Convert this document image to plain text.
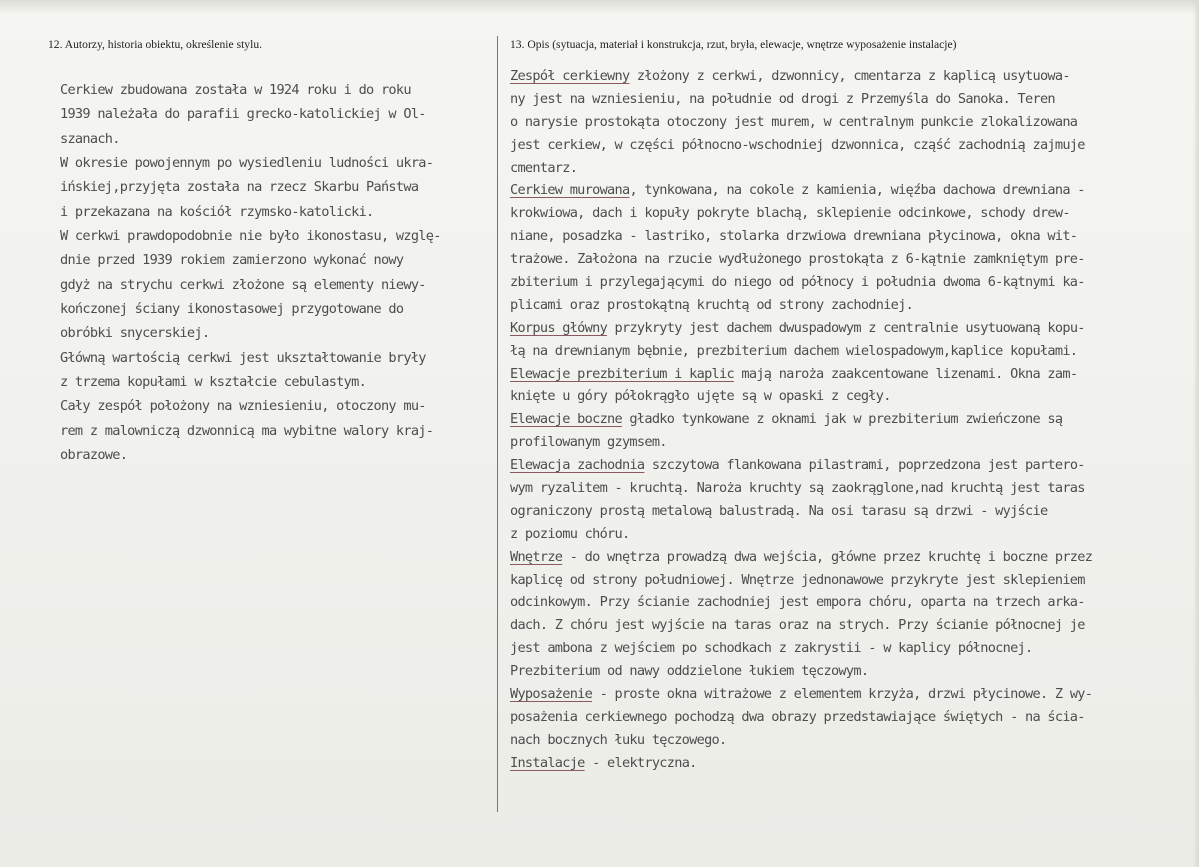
12. Autorzy, historia obiektu, określenie stylu.	13. Opis (sytuacja, materiał i konstrukcja, rzut, bryła, elewacje, wnętrze wyposażenie instalacje)
Cerkiew zbudowana została w 1924 roku i do roku
1939 należała do parafii grecko-katolickiej w Ol-
szanach.
W okresie powojennym po wysiedleniu ludności ukra-
ińskiej,przyjęta została na rzecz Skarbu Państwa
i przekazana na kościół rzymsko-katolicki.
W cerkwi prawdopodobnie nie było ikonostasu, wzglę-
dnie przed 1939 rokiem zamierzono wykonać nowy
gdyż na strychu cerkwi złożone są elementy niewy-
kończonej ściany ikonostasowej przygotowane do
obróbki snycerskiej.
Główną wartością cerkwi jest ukształtowanie bryły
z trzema kopułami w kształcie cebulastym.
Cały zespół położony na wzniesieniu, otoczony mu-
rem z malowniczą dzwonnicą ma wybitne walory kraj-
obrazowe.
Zespół cerkiewny złożony z cerkwi, dzwonnicy, cmentarza z kaplicą usytuowa-
ny jest na wzniesieniu, na południe od drogi z Przemyśla do Sanoka. Teren
o narysie prostokąta otoczony jest murem, w centralnym punkcie zlokalizowana
jest cerkiew, w części północno-wschodniej dzwonnica, cząść zachodnią zajmuje
cmentarz.
Cerkiew murowana, tynkowana, na cokole z kamienia, więźba dachowa drewniana -
krokwiowa, dach i kopuły pokryte blachą, sklepienie odcinkowe, schody drew-
niane, posadzka - lastriko, stolarka drzwiowa drewniana płycinowa, okna wit-
trażowe. Założona na rzucie wydłużonego prostokąta z 6-kątnie zamkniętym pre-
zbiterium i przylegającymi do niego od północy i południa dwoma 6-kątnymi ka-
plicami oraz prostokątną kruchtą od strony zachodniej.
Korpus główny przykryty jest dachem dwuspadowym z centralnie usytuowaną kopu-
łą na drewnianym bębnie, prezbiterium dachem wielospadowym,kaplice kopułami.
Elewacje prezbiterium i kaplic mają naroża zaakcentowane lizenami. Okna zam-
knięte u góry półokrągło ujęte są w opaski z cegły.
Elewacje boczne gładko tynkowane z oknami jak w prezbiterium zwieńczone są
profilowanym gzymsem.
Elewacja zachodnia szczytowa flankowana pilastrami, poprzedzona jest partero-
wym ryzalitem - kruchtą. Naroża kruchty są zaokrąglone,nad kruchtą jest taras
ograniczony prostą metalową balustradą. Na osi tarasu są drzwi - wyjście
z poziomu chóru.
Wnętrze - do wnętrza prowadzą dwa wejścia, główne przez kruchtę i boczne przez
kaplicę od strony południowej. Wnętrze jednonawowe przykryte jest sklepieniem
odcinkowym. Przy ścianie zachodniej jest empora chóru, oparta na trzech arka-
dach. Z chóru jest wyjście na taras oraz na strych. Przy ścianie północnej je
jest ambona z wejściem po schodkach z zakrystii - w kaplicy północnej.
Prezbiterium od nawy oddzielone łukiem tęczowym.
Wyposażenie - proste okna witrażowe z elementem krzyża, drzwi płycinowe. Z wy-
posażenia cerkiewnego pochodzą dwa obrazy przedstawiające świętych - na ścia-
nach bocznych łuku tęczowego.
Instalacje - elektryczna.
